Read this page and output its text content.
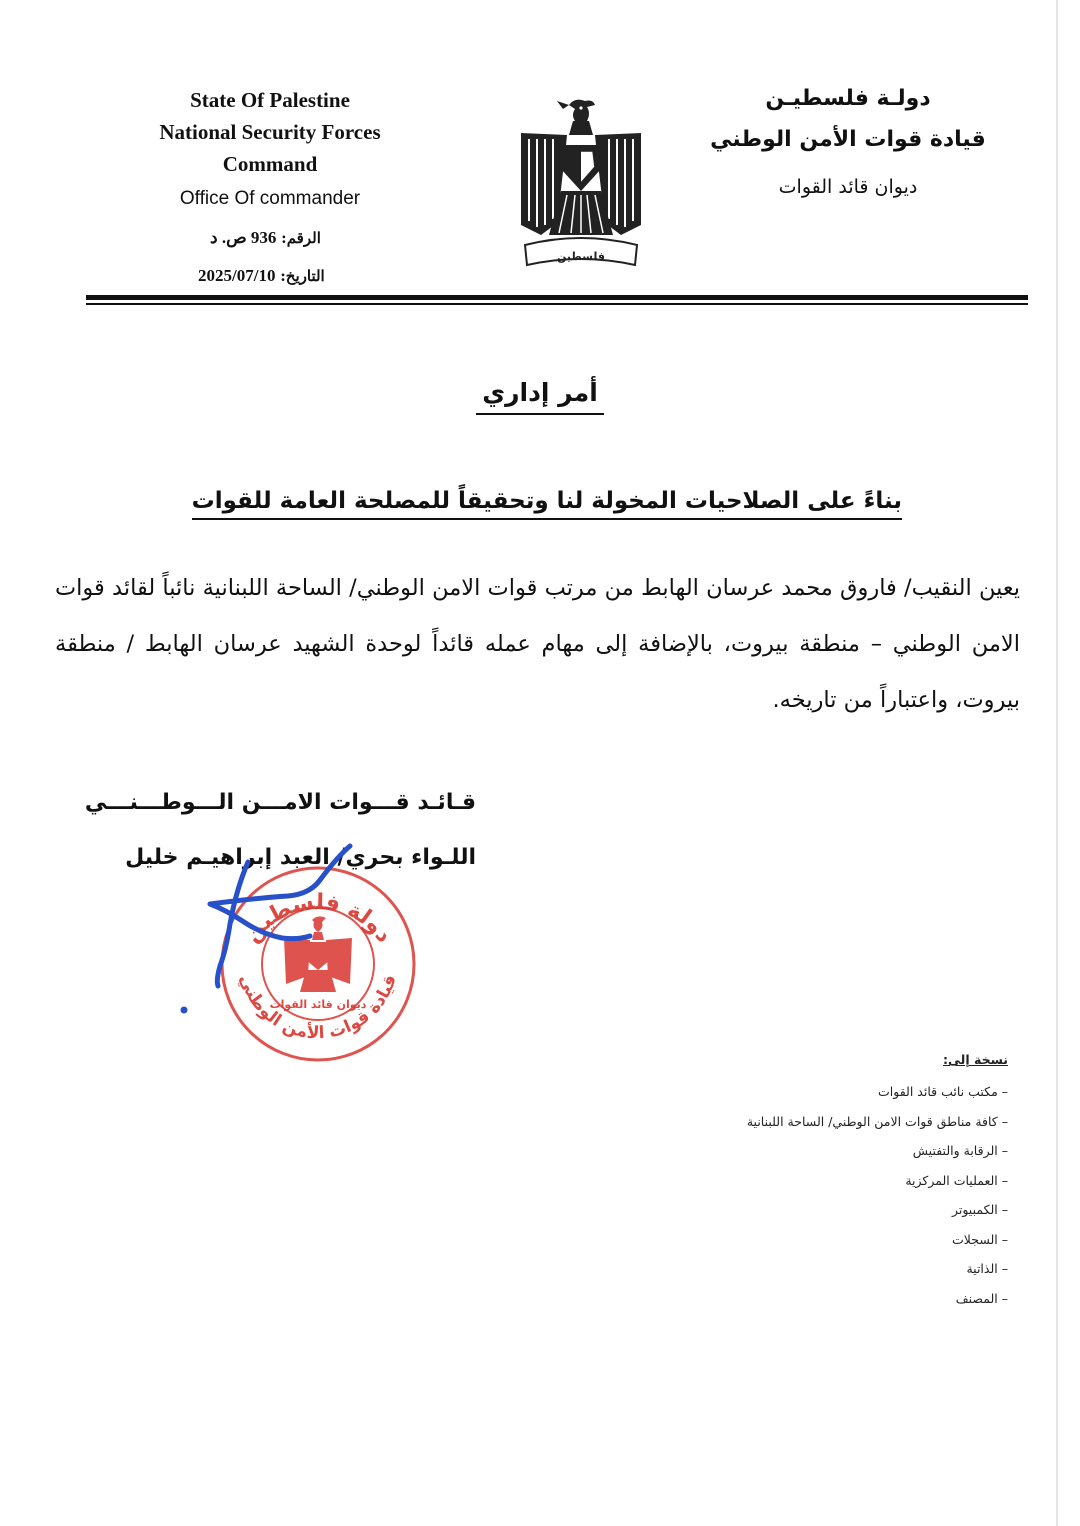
State Of Palestine
National Security Forces
Command
Office Of commander
الرقم: 936 ص. د
التاريخ: 2025/07/10
فلسطين
دولـة فلسطيـن
قيادة قوات الأمن الوطني
ديوان قائد القوات
أمر إداري
بناءً على الصلاحيات المخولة لنا وتحقيقاً للمصلحة العامة للقوات
يعين النقيب/ فاروق محمد عرسان الهابط من مرتب قوات الامن الوطني/ الساحة اللبنانية نائباً لقائد قوات الامن الوطني – منطقة بيروت، بالإضافة إلى مهام عمله قائداً لوحدة الشهيد عرسان الهابط / منطقة بيروت، واعتباراً من تاريخه.
قـائـد قـــوات الامـــن الـــوطـــنـــي
اللـواء بحري/ العبد إبراهيـم خليل
دولة فلسطين
قيادة قوات الأمن الوطني
ديوان قائد القوات
نسخة إلى:
– مكتب نائب قائد القوات
– كافة مناطق قوات الامن الوطني/ الساحة اللبنانية
– الرقابة والتفتيش
– العمليات المركزية
– الكمبيوتر
– السجلات
– الذاتية
– المصنف
